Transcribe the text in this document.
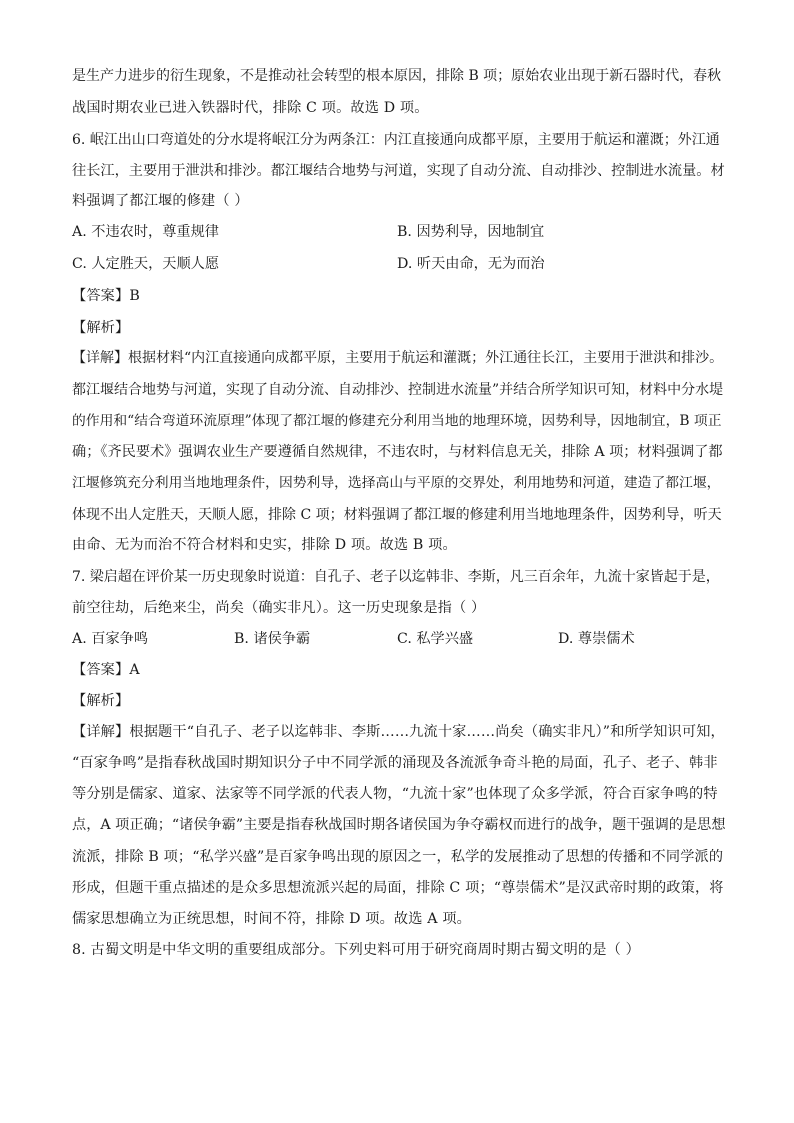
是生产力进步的衍生现象，不是推动社会转型的根本原因，排除 B 项；原始农业出现于新石器时代，春秋
战国时期农业已进入铁器时代，排除 C 项。故选 D 项。
6. 岷江出山口弯道处的分水堤将岷江分为两条江：内江直接通向成都平原，主要用于航运和灌溉；外江通
往长江，主要用于泄洪和排沙。都江堰结合地势与河道，实现了自动分流、自动排沙、控制进水流量。材
料强调了都江堰的修建（ ）
A. 不违农时，尊重规律	B. 因势利导，因地制宜
C. 人定胜天，天顺人愿	D. 听天由命，无为而治
【答案】B
【解析】
【详解】根据材料“内江直接通向成都平原，主要用于航运和灌溉；外江通往长江，主要用于泄洪和排沙。
都江堰结合地势与河道，实现了自动分流、自动排沙、控制进水流量”并结合所学知识可知，材料中分水堤
的作用和“结合弯道环流原理”体现了都江堰的修建充分利用当地的地理环境，因势利导，因地制宜，B 项正
确；《齐民要术》强调农业生产要遵循自然规律，不违农时，与材料信息无关，排除 A 项；材料强调了都
江堰修筑充分利用当地地理条件，因势利导，选择高山与平原的交界处，利用地势和河道，建造了都江堰，
体现不出人定胜天，天顺人愿，排除 C 项；材料强调了都江堰的修建利用当地地理条件，因势利导，听天
由命、无为而治不符合材料和史实，排除 D 项。故选 B 项。
7. 梁启超在评价某一历史现象时说道：自孔子、老子以迄韩非、李斯，凡三百余年，九流十家皆起于是，
前空往劫，后绝来尘，尚矣（确实非凡）。这一历史现象是指（ ）
A. 百家争鸣	B. 诸侯争霸	C. 私学兴盛	D. 尊崇儒术
【答案】A
【解析】
【详解】根据题干“自孔子、老子以迄韩非、李斯……九流十家……尚矣（确实非凡）”和所学知识可知，
“百家争鸣”是指春秋战国时期知识分子中不同学派的涌现及各流派争奇斗艳的局面，孔子、老子、韩非
等分别是儒家、道家、法家等不同学派的代表人物，“九流十家”也体现了众多学派，符合百家争鸣的特
点，A 项正确；“诸侯争霸”主要是指春秋战国时期各诸侯国为争夺霸权而进行的战争，题干强调的是思想
流派，排除 B 项；“私学兴盛”是百家争鸣出现的原因之一，私学的发展推动了思想的传播和不同学派的
形成，但题干重点描述的是众多思想流派兴起的局面，排除 C 项；“尊崇儒术”是汉武帝时期的政策，将
儒家思想确立为正统思想，时间不符，排除 D 项。故选 A 项。
8. 古蜀文明是中华文明的重要组成部分。下列史料可用于研究商周时期古蜀文明的是（ ）
